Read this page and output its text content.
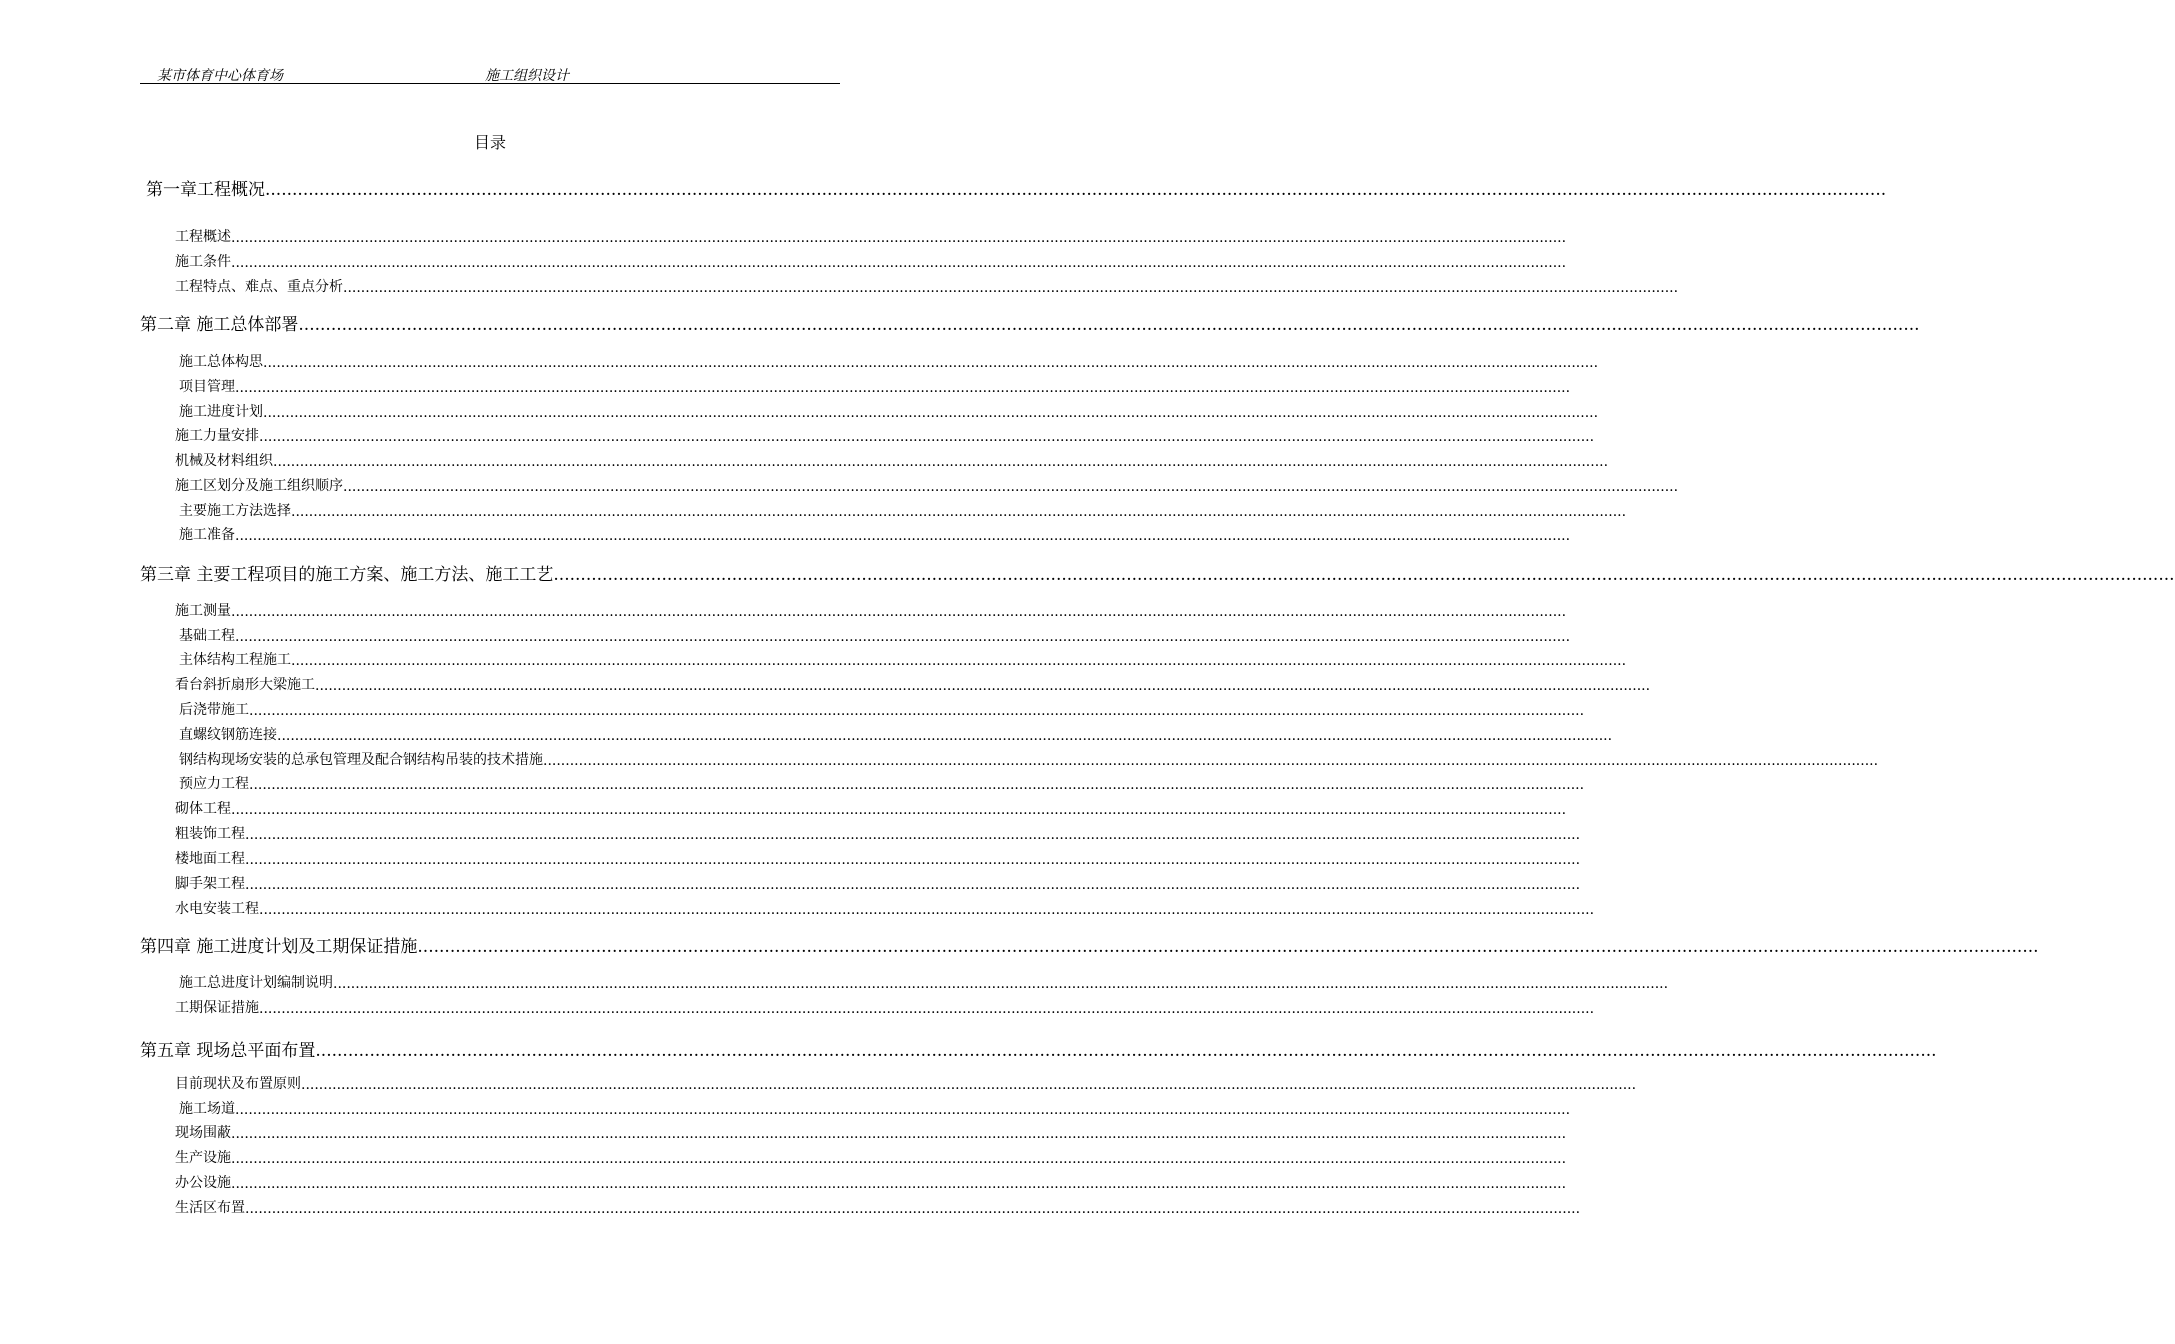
某市体育中心体育场	施工组织设计
目录
第一章工程概况 ............................................................................................................................................................................................................................................................................................................
工程概述 ............................................................................................................................................................................................................................................................................................................
施工条件 ............................................................................................................................................................................................................................................................................................................
工程特点、难点、重点分析 ............................................................................................................................................................................................................................................................................................................
第二章 施工总体部署 ............................................................................................................................................................................................................................................................................................................
施工总体构思 ............................................................................................................................................................................................................................................................................................................
项目管理 ............................................................................................................................................................................................................................................................................................................
施工进度计划 ............................................................................................................................................................................................................................................................................................................
施工力量安排 ............................................................................................................................................................................................................................................................................................................
机械及材料组织 ............................................................................................................................................................................................................................................................................................................
施工区划分及施工组织顺序 ............................................................................................................................................................................................................................................................................................................
主要施工方法选择 ............................................................................................................................................................................................................................................................................................................
施工准备 ............................................................................................................................................................................................................................................................................................................
第三章 主要工程项目的施工方案、施工方法、施工工艺 ............................................................................................................................................................................................................................................................................................................
施工测量 ............................................................................................................................................................................................................................................................................................................
基础工程 ............................................................................................................................................................................................................................................................................................................
主体结构工程施工 ............................................................................................................................................................................................................................................................................................................
看台斜折扇形大梁施工 ............................................................................................................................................................................................................................................................................................................
后浇带施工 ............................................................................................................................................................................................................................................................................................................
直螺纹钢筋连接 ............................................................................................................................................................................................................................................................................................................
钢结构现场安装的总承包管理及配合钢结构吊装的技术措施 ............................................................................................................................................................................................................................................................................................................
预应力工程 ............................................................................................................................................................................................................................................................................................................
砌体工程 ............................................................................................................................................................................................................................................................................................................
粗装饰工程 ............................................................................................................................................................................................................................................................................................................
楼地面工程 ............................................................................................................................................................................................................................................................................................................
脚手架工程 ............................................................................................................................................................................................................................................................................................................
水电安装工程 ............................................................................................................................................................................................................................................................................................................
第四章 施工进度计划及工期保证措施 ............................................................................................................................................................................................................................................................................................................
施工总进度计划编制说明 ............................................................................................................................................................................................................................................................................................................
工期保证措施 ............................................................................................................................................................................................................................................................................................................
第五章 现场总平面布置 ............................................................................................................................................................................................................................................................................................................
目前现状及布置原则 ............................................................................................................................................................................................................................................................................................................
施工场道 ............................................................................................................................................................................................................................................................................................................
现场围蔽 ............................................................................................................................................................................................................................................................................................................
生产设施 ............................................................................................................................................................................................................................................................................................................
办公设施 ............................................................................................................................................................................................................................................................................................................
生活区布置 ............................................................................................................................................................................................................................................................................................................
